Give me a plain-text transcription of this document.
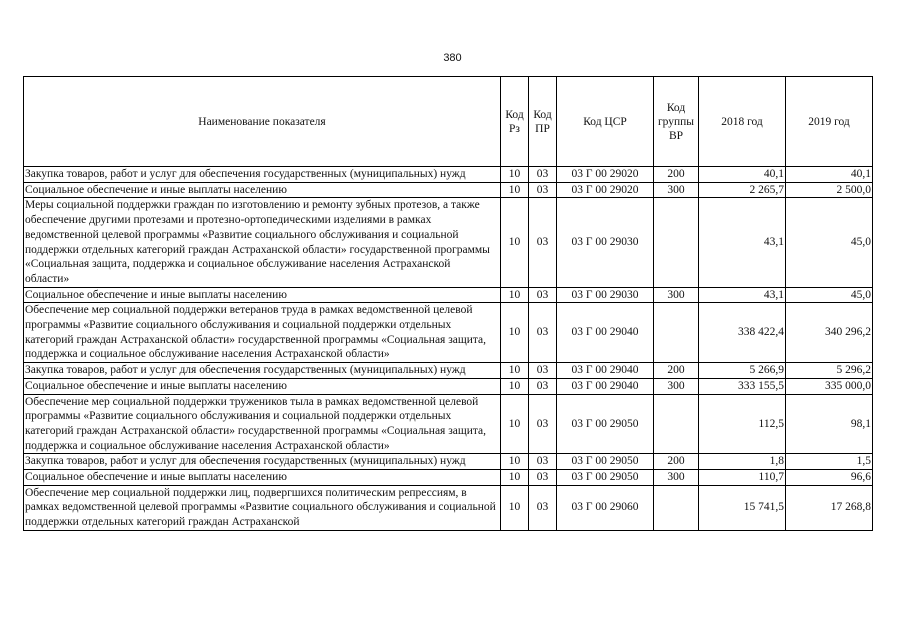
380
Наименование показателя	Код Рз	Код ПР	Код ЦСР	Код группы ВР	2018 год	2019 год
Закупка товаров, работ и услуг для обеспечения государственных (муниципальных) нужд	10	03	03 Г 00 29020	200	40,1	40,1
Социальное обеспечение и иные выплаты населению	10	03	03 Г 00 29020	300	2 265,7	2 500,0
Меры социальной поддержки граждан по изготовлению и ремонту зубных протезов, а также обеспечение другими протезами и протезно-ортопедическими изделиями в рамках ведомственной целевой программы «Развитие социального обслуживания и социальной поддержки отдельных категорий граждан Астраханской области» государственной программы «Социальная защита, поддержка и социальное обслуживание населения Астраханской области»	10	03	03 Г 00 29030		43,1	45,0
Социальное обеспечение и иные выплаты населению	10	03	03 Г 00 29030	300	43,1	45,0
Обеспечение мер социальной поддержки ветеранов труда в рамках ведомственной целевой программы «Развитие социального обслуживания и социальной поддержки отдельных категорий граждан Астраханской области» государственной программы «Социальная защита, поддержка и социальное обслуживание населения Астраханской области»	10	03	03 Г 00 29040		338 422,4	340 296,2
Закупка товаров, работ и услуг для обеспечения государственных (муниципальных) нужд	10	03	03 Г 00 29040	200	5 266,9	5 296,2
Социальное обеспечение и иные выплаты населению	10	03	03 Г 00 29040	300	333 155,5	335 000,0
Обеспечение мер социальной поддержки тружеников тыла в рамках ведомственной целевой программы «Развитие социального обслуживания и социальной поддержки отдельных категорий граждан Астраханской области» государственной программы «Социальная защита, поддержка и социальное обслуживание населения Астраханской области»	10	03	03 Г 00 29050		112,5	98,1
Закупка товаров, работ и услуг для обеспечения государственных (муниципальных) нужд	10	03	03 Г 00 29050	200	1,8	1,5
Социальное обеспечение и иные выплаты населению	10	03	03 Г 00 29050	300	110,7	96,6
Обеспечение мер социальной поддержки лиц, подвергшихся политическим репрессиям, в рамках ведомственной целевой программы «Развитие социального обслуживания и социальной поддержки отдельных категорий граждан Астраханской	10	03	03 Г 00 29060		15 741,5	17 268,8
